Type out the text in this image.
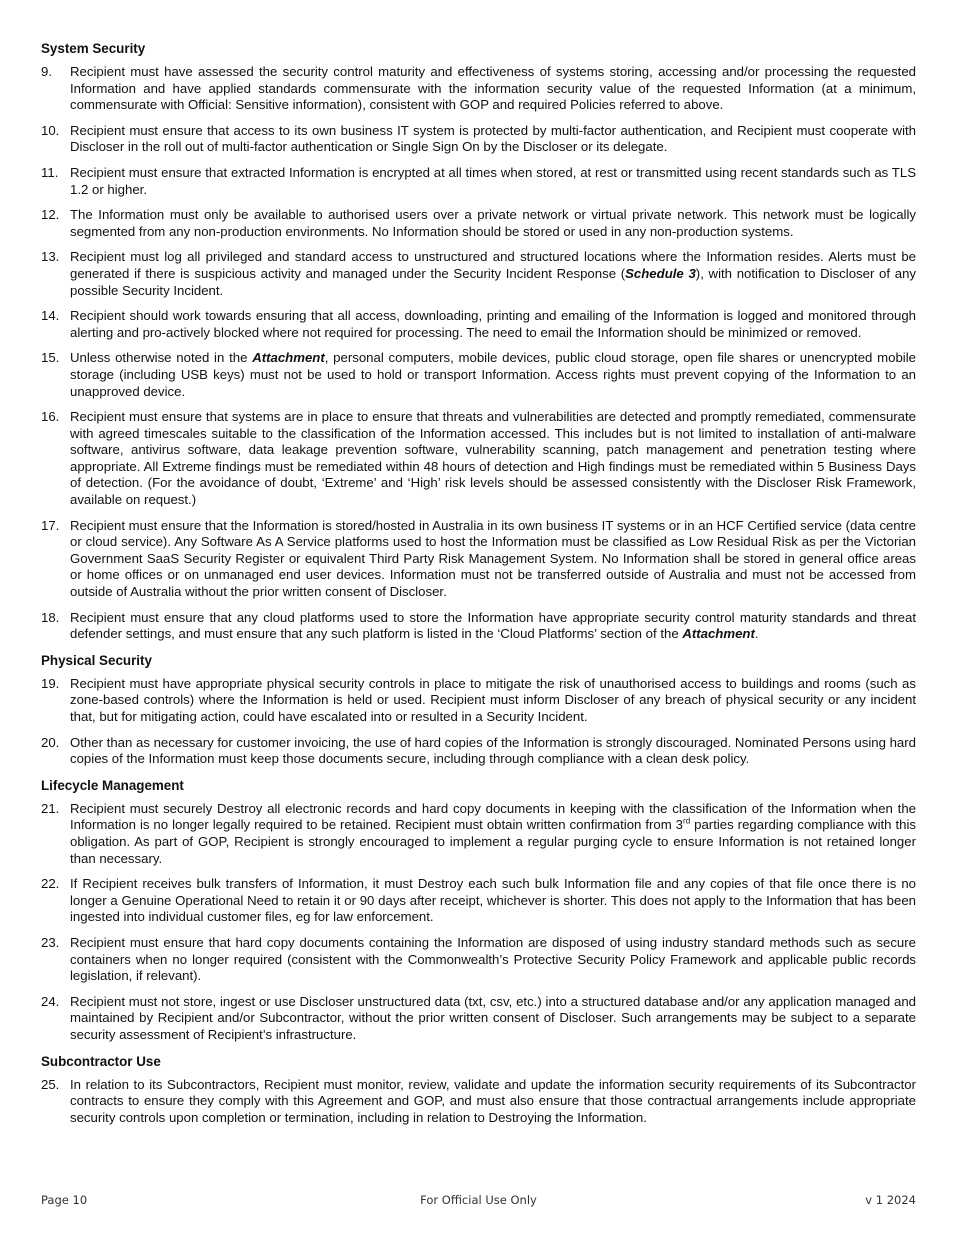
System Security
9.	Recipient must have assessed the security control maturity and effectiveness of systems storing, accessing and/or processing the requested Information and have applied standards commensurate with the information security value of the requested Information (at a minimum, commensurate with Official: Sensitive information), consistent with GOP and required Policies referred to above.
10. Recipient must ensure that access to its own business IT system is protected by multi-factor authentication, and Recipient must cooperate with Discloser in the roll out of multi-factor authentication or Single Sign On by the Discloser or its delegate.
11. Recipient must ensure that extracted Information is encrypted at all times when stored, at rest or transmitted using recent standards such as TLS 1.2 or higher.
12. The Information must only be available to authorised users over a private network or virtual private network. This network must be logically segmented from any non-production environments. No Information should be stored or used in any non-production systems.
13. Recipient must log all privileged and standard access to unstructured and structured locations where the Information resides. Alerts must be generated if there is suspicious activity and managed under the Security Incident Response (Schedule 3), with notification to Discloser of any possible Security Incident.
14. Recipient should work towards ensuring that all access, downloading, printing and emailing of the Information is logged and monitored through alerting and pro-actively blocked where not required for processing. The need to email the Information should be minimized or removed.
15. Unless otherwise noted in the Attachment, personal computers, mobile devices, public cloud storage, open file shares or unencrypted mobile storage (including USB keys) must not be used to hold or transport Information. Access rights must prevent copying of the Information to an unapproved device.
16. Recipient must ensure that systems are in place to ensure that threats and vulnerabilities are detected and promptly remediated, commensurate with agreed timescales suitable to the classification of the Information accessed. This includes but is not limited to installation of anti-malware software, antivirus software, data leakage prevention software, vulnerability scanning, patch management and penetration testing where appropriate. All Extreme findings must be remediated within 48 hours of detection and High findings must be remediated within 5 Business Days of detection. (For the avoidance of doubt, ‘Extreme’ and ‘High’ risk levels should be assessed consistently with the Discloser Risk Framework, available on request.)
17. Recipient must ensure that the Information is stored/hosted in Australia in its own business IT systems or in an HCF Certified service (data centre or cloud service). Any Software As A Service platforms used to host the Information must be classified as Low Residual Risk as per the Victorian Government SaaS Security Register or equivalent Third Party Risk Management System. No Information shall be stored in general office areas or home offices or on unmanaged end user devices. Information must not be transferred outside of Australia and must not be accessed from outside of Australia without the prior written consent of Discloser.
18. Recipient must ensure that any cloud platforms used to store the Information have appropriate security control maturity standards and threat defender settings, and must ensure that any such platform is listed in the ‘Cloud Platforms’ section of the Attachment.
Physical Security
19. Recipient must have appropriate physical security controls in place to mitigate the risk of unauthorised access to buildings and rooms (such as zone-based controls) where the Information is held or used. Recipient must inform Discloser of any breach of physical security or any incident that, but for mitigating action, could have escalated into or resulted in a Security Incident.
20. Other than as necessary for customer invoicing, the use of hard copies of the Information is strongly discouraged. Nominated Persons using hard copies of the Information must keep those documents secure, including through compliance with a clean desk policy.
Lifecycle Management
21. Recipient must securely Destroy all electronic records and hard copy documents in keeping with the classification of the Information when the Information is no longer legally required to be retained. Recipient must obtain written confirmation from 3rd parties regarding compliance with this obligation. As part of GOP, Recipient is strongly encouraged to implement a regular purging cycle to ensure Information is not retained longer than necessary.
22. If Recipient receives bulk transfers of Information, it must Destroy each such bulk Information file and any copies of that file once there is no longer a Genuine Operational Need to retain it or 90 days after receipt, whichever is shorter. This does not apply to the Information that has been ingested into individual customer files, eg for law enforcement.
23. Recipient must ensure that hard copy documents containing the Information are disposed of using industry standard methods such as secure containers when no longer required (consistent with the Commonwealth’s Protective Security Policy Framework and applicable public records legislation, if relevant).
24. Recipient must not store, ingest or use Discloser unstructured data (txt, csv, etc.) into a structured database and/or any application managed and maintained by Recipient and/or Subcontractor, without the prior written consent of Discloser. Such arrangements may be subject to a separate security assessment of Recipient’s infrastructure.
Subcontractor Use
25. In relation to its Subcontractors, Recipient must monitor, review, validate and update the information security requirements of its Subcontractor contracts to ensure they comply with this Agreement and GOP, and must also ensure that those contractual arrangements include appropriate security controls upon completion or termination, including in relation to Destroying the Information.
Page 10	For Official Use Only	v 1 2024
